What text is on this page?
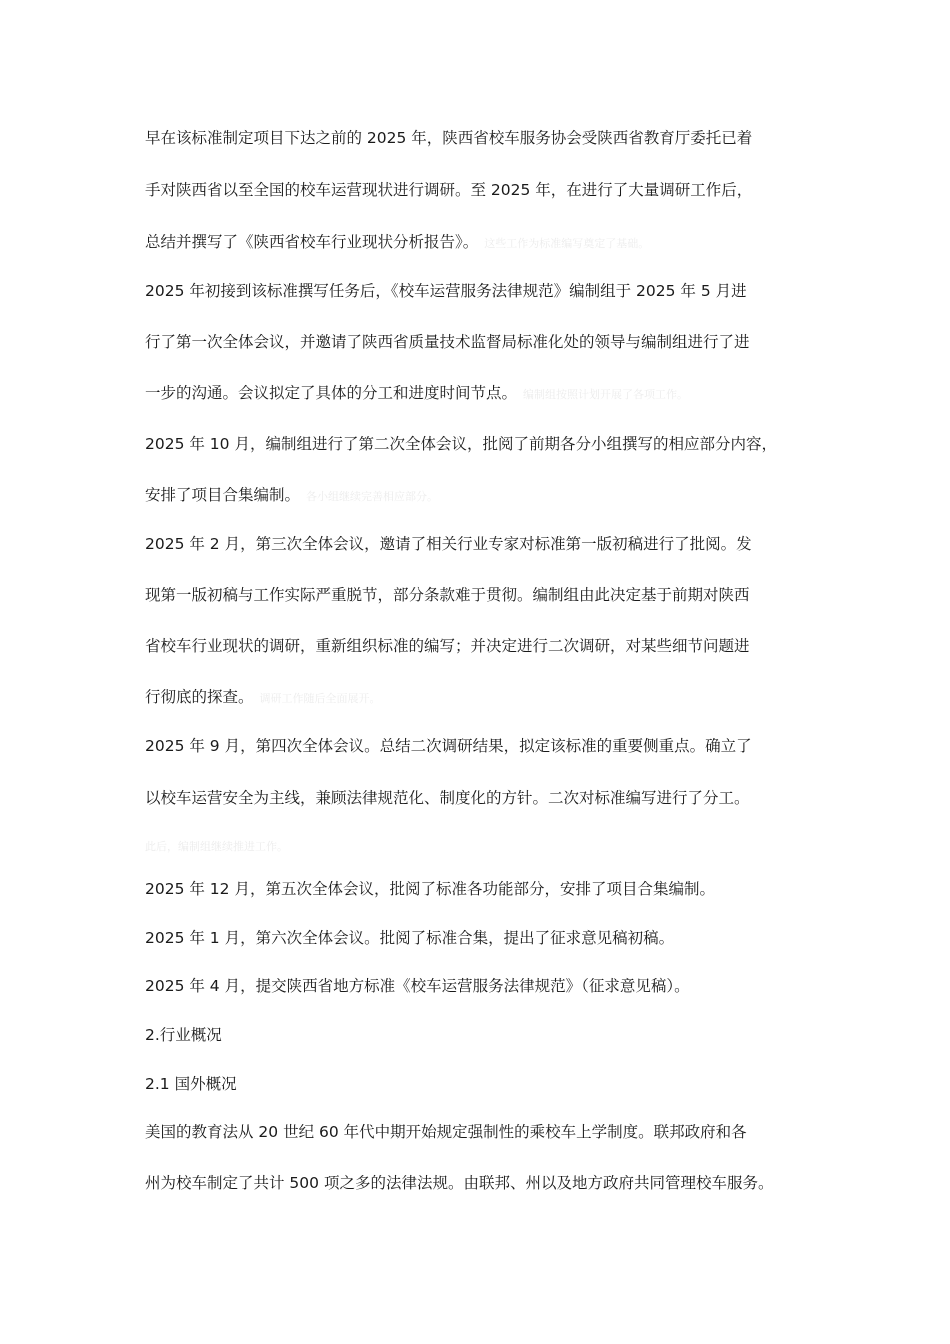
早在该标准制定项目下达之前的 2025 年，陕西省校车服务协会受陕西省教育厅委托已着
手对陕西省以至全国的校车运营现状进行调研。至 2025 年，在进行了大量调研工作后，
总结并撰写了《陕西省校车行业现状分析报告》。 这些工作为标准编写奠定了基础。
2025 年初接到该标准撰写任务后，《校车运营服务法律规范》编制组于 2025 年 5 月进
行了第一次全体会议，并邀请了陕西省质量技术监督局标准化处的领导与编制组进行了进
一步的沟通。会议拟定了具体的分工和进度时间节点。 编制组按照计划开展了各项工作。
2025 年 10 月，编制组进行了第二次全体会议，批阅了前期各分小组撰写的相应部分内容，
安排了项目合集编制。 各小组继续完善相应部分。
2025 年 2 月，第三次全体会议，邀请了相关行业专家对标准第一版初稿进行了批阅。发
现第一版初稿与工作实际严重脱节，部分条款难于贯彻。编制组由此决定基于前期对陕西
省校车行业现状的调研，重新组织标准的编写；并决定进行二次调研，对某些细节问题进
行彻底的探查。 调研工作随后全面展开。
2025 年 9 月，第四次全体会议。总结二次调研结果，拟定该标准的重要侧重点。确立了
以校车运营安全为主线，兼顾法律规范化、制度化的方针。二次对标准编写进行了分工。
此后，编制组继续推进工作。
2025 年 12 月，第五次全体会议，批阅了标准各功能部分，安排了项目合集编制。
2025 年 1 月，第六次全体会议。批阅了标准合集，提出了征求意见稿初稿。
2025 年 4 月，提交陕西省地方标准《校车运营服务法律规范》（征求意见稿）。
2.行业概况
2.1 国外概况
美国的教育法从 20 世纪 60 年代中期开始规定强制性的乘校车上学制度。联邦政府和各
州为校车制定了共计 500 项之多的法律法规。由联邦、州以及地方政府共同管理校车服务。
